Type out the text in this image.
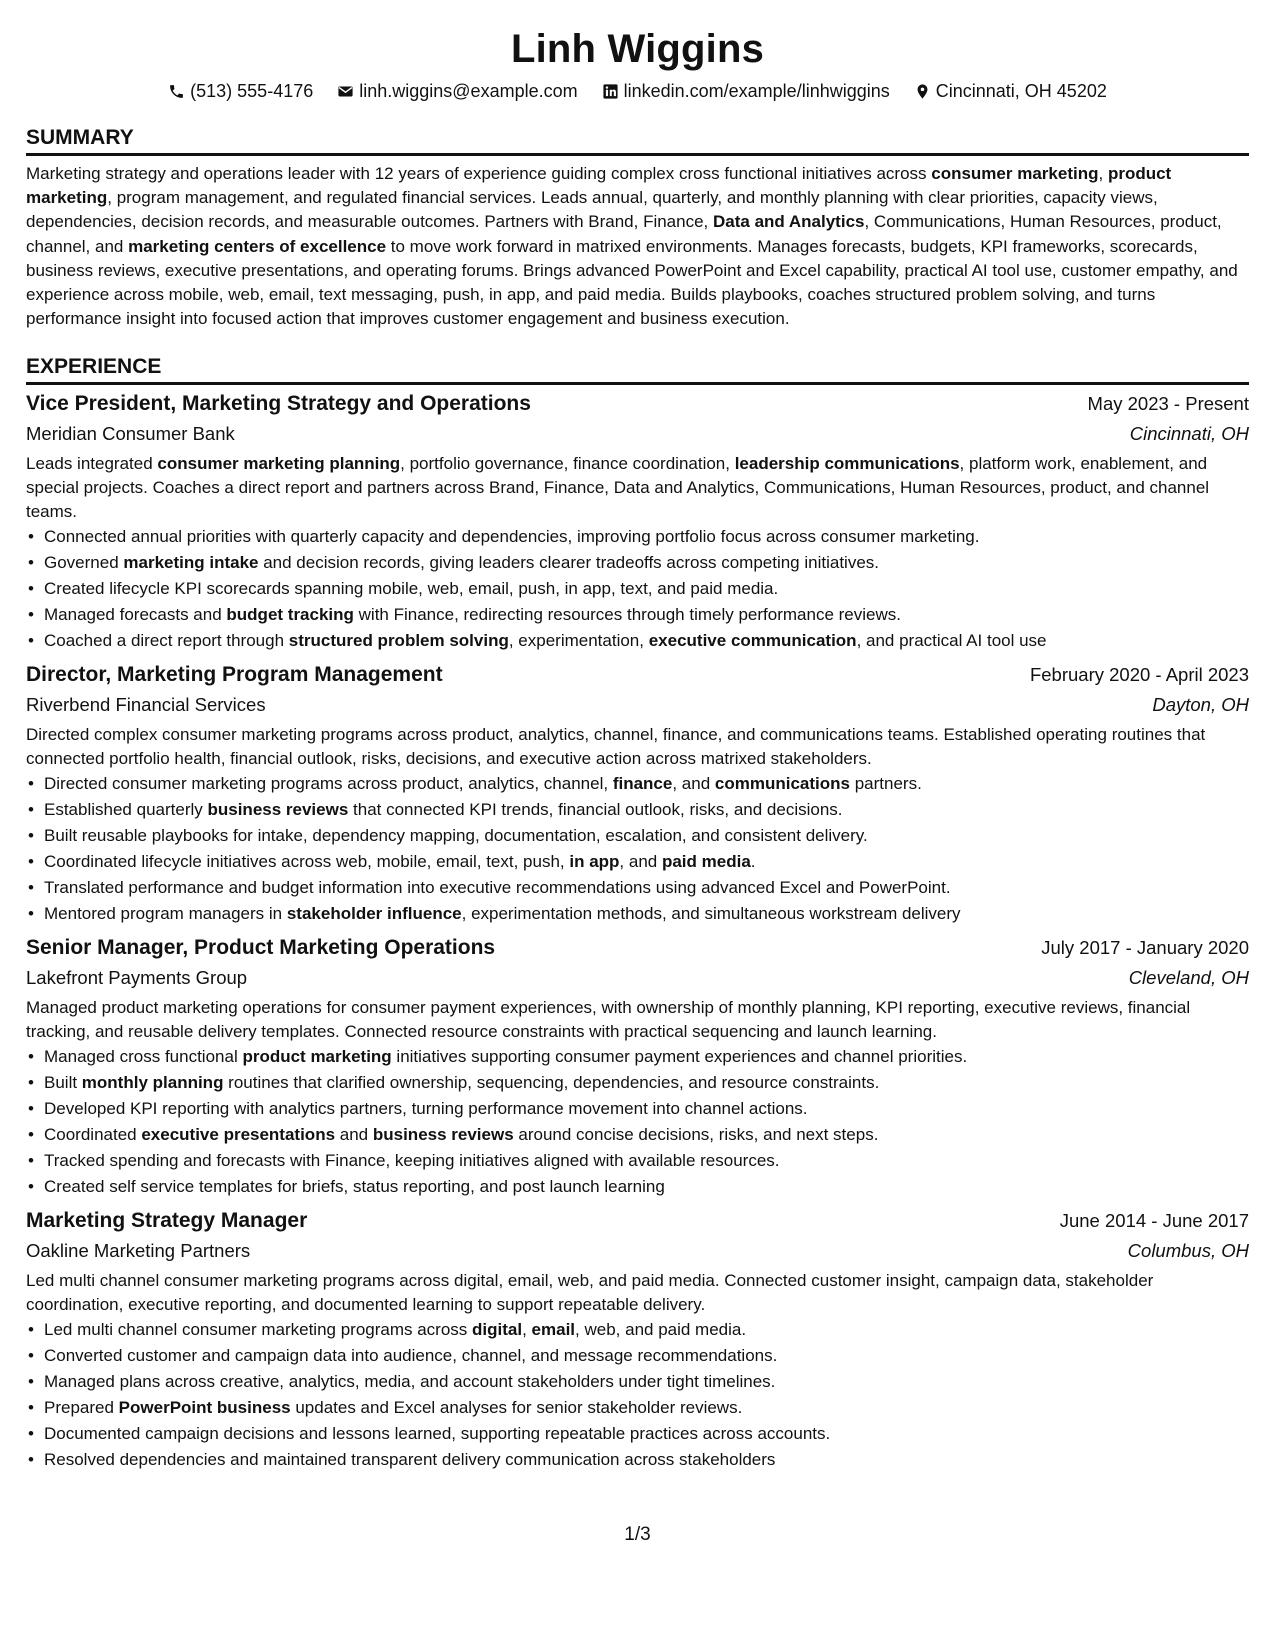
Linh Wiggins
(513) 555-4176	linh.wiggins@example.com	linkedin.com/example/linhwiggins	Cincinnati, OH 45202
SUMMARY

Marketing strategy and operations leader with 12 years of experience guiding complex cross functional initiatives across consumer marketing, product marketing, program management, and regulated financial services. Leads annual, quarterly, and monthly planning with clear priorities, capacity views, dependencies, decision records, and measurable outcomes. Partners with Brand, Finance, Data and Analytics, Communications, Human Resources, product, channel, and marketing centers of excellence to move work forward in matrixed environments. Manages forecasts, budgets, KPI frameworks, scorecards, business reviews, executive presentations, and operating forums. Brings advanced PowerPoint and Excel capability, practical AI tool use, customer empathy, and experience across mobile, web, email, text messaging, push, in app, and paid media. Builds playbooks, coaches structured problem solving, and turns performance insight into focused action that improves customer engagement and business execution.

EXPERIENCE
Vice President, Marketing Strategy and Operations	May 2023 - Present
Meridian Consumer Bank	Cincinnati, OH

Leads integrated consumer marketing planning, portfolio governance, finance coordination, leadership communications, platform work, enablement, and special projects. Coaches a direct report and partners across Brand, Finance, Data and Analytics, Communications, Human Resources, product, and channel teams.

• Connected annual priorities with quarterly capacity and dependencies, improving portfolio focus across consumer marketing.
• Governed marketing intake and decision records, giving leaders clearer tradeoffs across competing initiatives.
• Created lifecycle KPI scorecards spanning mobile, web, email, push, in app, text, and paid media.
• Managed forecasts and budget tracking with Finance, redirecting resources through timely performance reviews.
• Coached a direct report through structured problem solving, experimentation, executive communication, and practical AI tool use
Director, Marketing Program Management	February 2020 - April 2023
Riverbend Financial Services	Dayton, OH

Directed complex consumer marketing programs across product, analytics, channel, finance, and communications teams. Established operating routines that connected portfolio health, financial outlook, risks, decisions, and executive action across matrixed stakeholders.

• Directed consumer marketing programs across product, analytics, channel, finance, and communications partners.
• Established quarterly business reviews that connected KPI trends, financial outlook, risks, and decisions.
• Built reusable playbooks for intake, dependency mapping, documentation, escalation, and consistent delivery.
• Coordinated lifecycle initiatives across web, mobile, email, text, push, in app, and paid media.
• Translated performance and budget information into executive recommendations using advanced Excel and PowerPoint.
• Mentored program managers in stakeholder influence, experimentation methods, and simultaneous workstream delivery
Senior Manager, Product Marketing Operations	July 2017 - January 2020
Lakefront Payments Group	Cleveland, OH

Managed product marketing operations for consumer payment experiences, with ownership of monthly planning, KPI reporting, executive reviews, financial tracking, and reusable delivery templates. Connected resource constraints with practical sequencing and launch learning.

• Managed cross functional product marketing initiatives supporting consumer payment experiences and channel priorities.
• Built monthly planning routines that clarified ownership, sequencing, dependencies, and resource constraints.
• Developed KPI reporting with analytics partners, turning performance movement into channel actions.
• Coordinated executive presentations and business reviews around concise decisions, risks, and next steps.
• Tracked spending and forecasts with Finance, keeping initiatives aligned with available resources.
• Created self service templates for briefs, status reporting, and post launch learning
Marketing Strategy Manager	June 2014 - June 2017
Oakline Marketing Partners	Columbus, OH

Led multi channel consumer marketing programs across digital, email, web, and paid media. Connected customer insight, campaign data, stakeholder coordination, executive reporting, and documented learning to support repeatable delivery.

• Led multi channel consumer marketing programs across digital, email, web, and paid media.
• Converted customer and campaign data into audience, channel, and message recommendations.
• Managed plans across creative, analytics, media, and account stakeholders under tight timelines.
• Prepared PowerPoint business updates and Excel analyses for senior stakeholder reviews.
• Documented campaign decisions and lessons learned, supporting repeatable practices across accounts.
• Resolved dependencies and maintained transparent delivery communication across stakeholders
1/3
